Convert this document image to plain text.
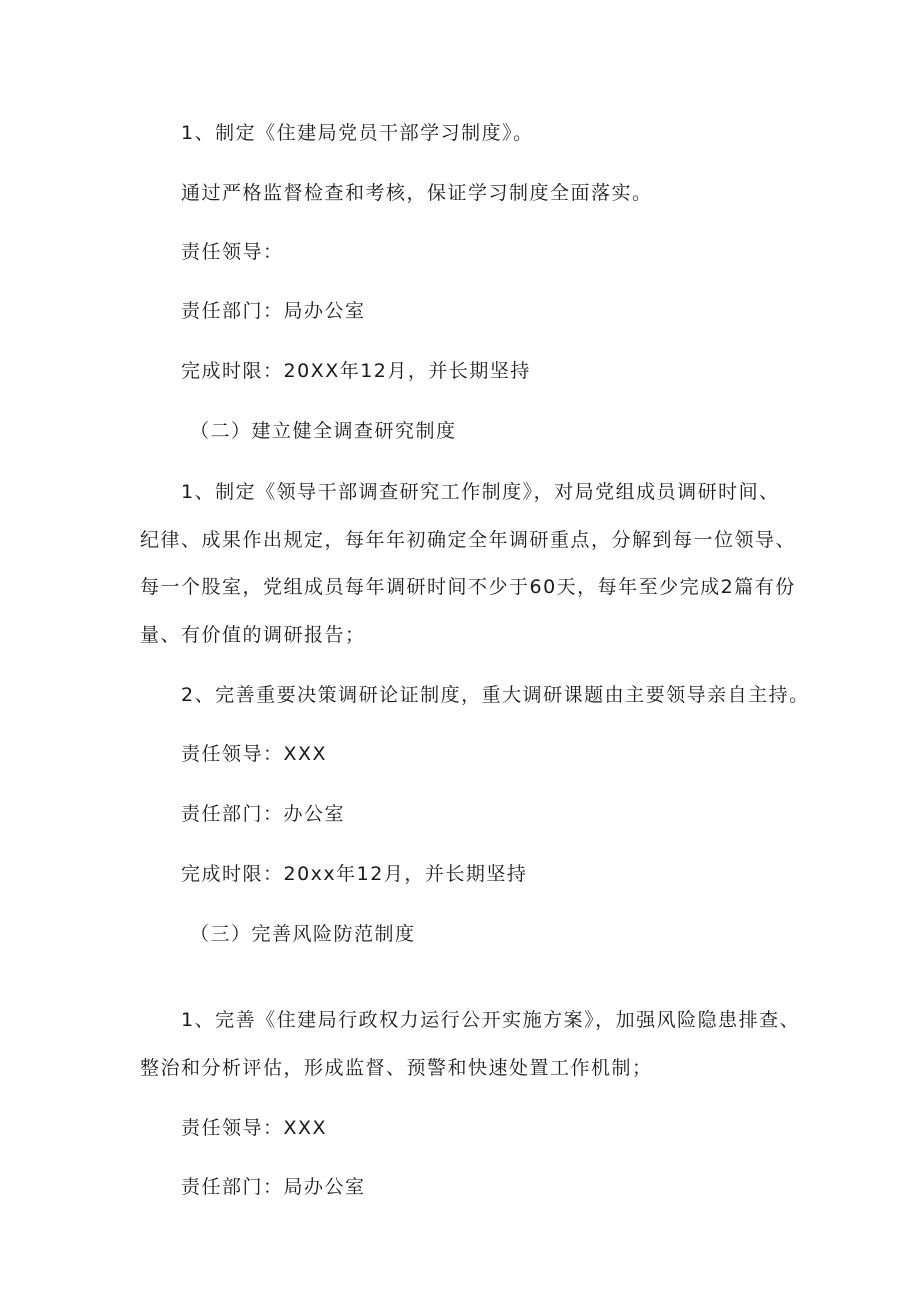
1、制定《住建局党员干部学习制度》。
通过严格监督检查和考核，保证学习制度全面落实。
责任领导：
责任部门：局办公室
完成时限：20XX年12月，并长期坚持
（二）建立健全调查研究制度
1、制定《领导干部调查研究工作制度》，对局党组成员调研时间、
纪律、成果作出规定，每年年初确定全年调研重点，分解到每一位领导、
每一个股室，党组成员每年调研时间不少于60天，每年至少完成2篇有份
量、有价值的调研报告；
2、完善重要决策调研论证制度，重大调研课题由主要领导亲自主持。
责任领导：XXX
责任部门：办公室
完成时限：20xx年12月，并长期坚持
（三）完善风险防范制度
1、完善《住建局行政权力运行公开实施方案》，加强风险隐患排查、
整治和分析评估，形成监督、预警和快速处置工作机制；
责任领导：XXX
责任部门：局办公室
